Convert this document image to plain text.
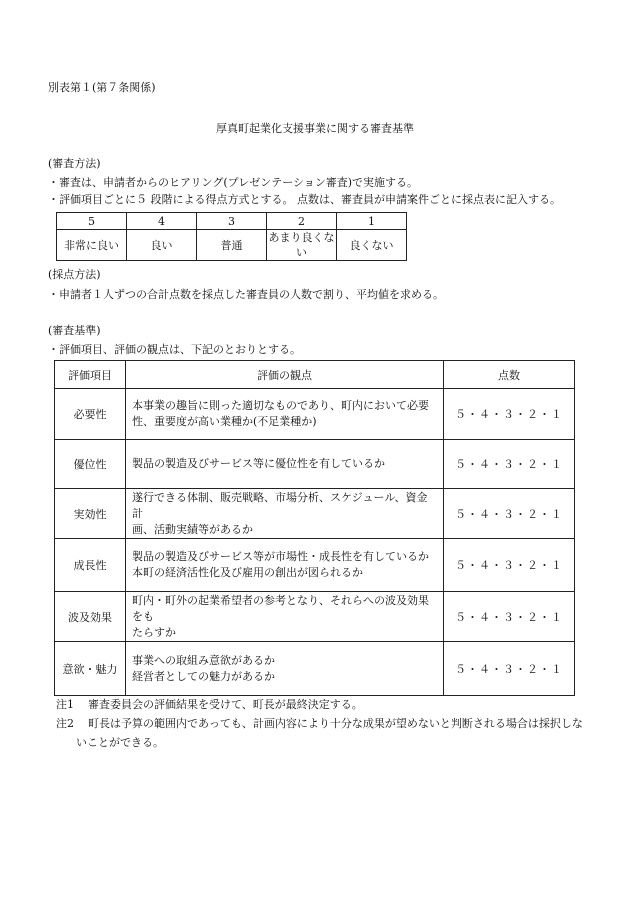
別表第１(第７条関係)
厚真町起業化支援事業に関する審査基準
(審査方法)
・審査は、申請者からのヒアリング(プレゼンテーション審査)で実施する。
・評価項目ごとに５ 段階による得点方式とする。 点数は、審査員が申請案件ごとに採点表に記入する。
5	4	3	2	1
非常に良い	良い	普通	あまり良くない	良くない
(採点方法)
・申請者１人ずつの合計点数を採点した審査員の人数で割り、平均値を求める。
(審査基準)
・評価項目、評価の観点は、下記のとおりとする。
評価項目	評価の観点	点数
必要性	本事業の趣旨に則った適切なものであり、町内において必要
性、重要度が高い業種か(不足業種か)	５・４・３・２・１
優位性	製品の製造及びサービス等に優位性を有しているか	５・４・３・２・１
実効性	遂行できる体制、販売戦略、市場分析、スケジュール、資金計
画、活動実績等があるか	５・４・３・２・１
成長性	製品の製造及びサービス等が市場性・成長性を有しているか
本町の経済活性化及び雇用の創出が図られるか	５・４・３・２・１
波及効果	町内・町外の起業希望者の参考となり、それらへの波及効果をも
たらすか	５・４・３・２・１
意欲・魅力	事業への取組み意欲があるか
経営者としての魅力があるか	５・４・３・２・１
注1 審査委員会の評価結果を受けて、町長が最終決定する。
注2 町長は予算の範囲内であっても、計画内容により十分な成果が望めないと判断される場合は採択しな
いことができる。
